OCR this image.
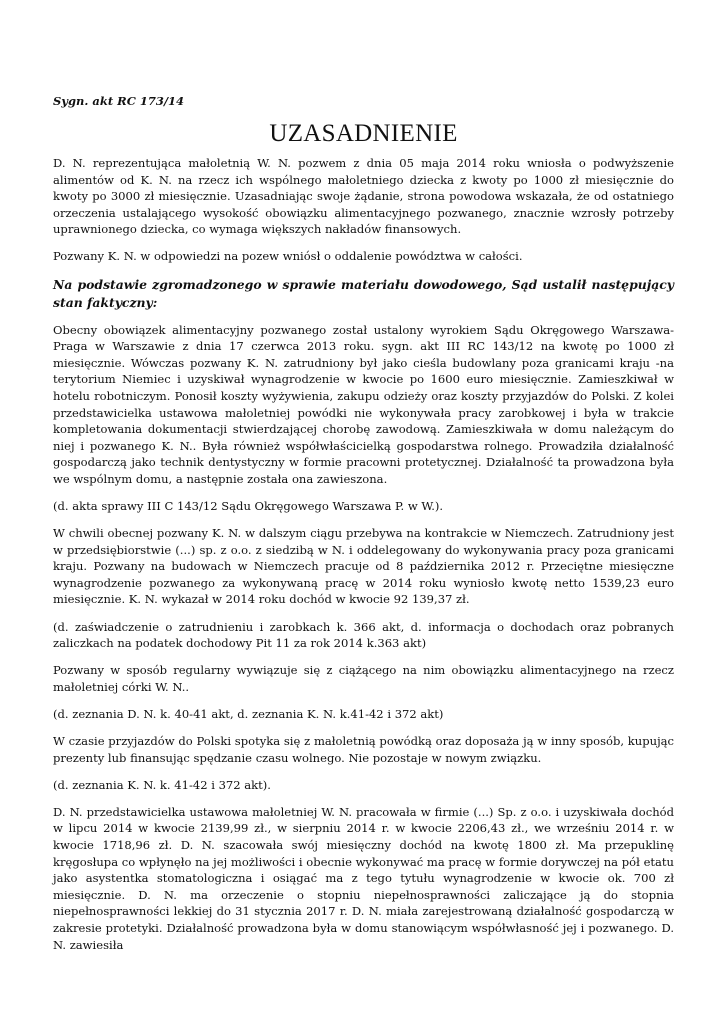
Sygn. akt RC 173/14
UZASADNIENIE

D. N. reprezentująca małoletnią W. N. pozwem z dnia 05 maja 2014 roku wniosła o podwyższenie alimentów od K. N. na rzecz ich wspólnego małoletniego dziecka z kwoty po 1000 zł miesięcznie do kwoty po 3000 zł miesięcznie. Uzasadniając swoje żądanie, strona powodowa wskazała, że od ostatniego orzeczenia ustalającego wysokość obowiązku alimentacyjnego pozwanego, znacznie wzrosły potrzeby uprawnionego dziecka, co wymaga większych nakładów finansowych.

Pozwany K. N. w odpowiedzi na pozew wniósł o oddalenie powództwa w całości.

Na podstawie zgromadzonego w sprawie materiału dowodowego, Sąd ustalił następujący stan faktyczny:

Obecny obowiązek alimentacyjny pozwanego został ustalony wyrokiem Sądu Okręgowego Warszawa-Praga w Warszawie z dnia 17 czerwca 2013 roku. sygn. akt III RC 143/12 na kwotę po 1000 zł miesięcznie. Wówczas pozwany K. N. zatrudniony był jako cieśla budowlany poza granicami kraju -na terytorium Niemiec i uzyskiwał wynagrodzenie w kwocie po 1600 euro miesięcznie. Zamieszkiwał w hotelu robotniczym. Ponosił koszty wyżywienia, zakupu odzieży oraz koszty przyjazdów do Polski. Z kolei przedstawicielka ustawowa małoletniej powódki nie wykonywała pracy zarobkowej i była w trakcie kompletowania dokumentacji stwierdzającej chorobę zawodową. Zamieszkiwała w domu należącym do niej i pozwanego K. N.. Była również współwłaścicielką gospodarstwa rolnego. Prowadziła działalność gospodarczą jako technik dentystyczny w formie pracowni protetycznej. Działalność ta prowadzona była we wspólnym domu, a następnie została ona zawieszona.

(d. akta sprawy III C 143/12 Sądu Okręgowego Warszawa P. w W.).

W chwili obecnej pozwany K. N. w dalszym ciągu przebywa na kontrakcie w Niemczech. Zatrudniony jest w przedsiębiorstwie (...) sp. z o.o. z siedzibą w N. i oddelegowany do wykonywania pracy poza granicami kraju. Pozwany na budowach w Niemczech pracuje od 8 października 2012 r. Przeciętne miesięczne wynagrodzenie pozwanego za wykonywaną pracę w 2014 roku wyniosło kwotę netto 1539,23 euro miesięcznie. K. N. wykazał w 2014 roku dochód w kwocie 92 139,37 zł.

(d. zaświadczenie o zatrudnieniu i zarobkach k. 366 akt, d. informacja o dochodach oraz pobranych zaliczkach na podatek dochodowy Pit 11 za rok 2014 k.363 akt)

Pozwany w sposób regularny wywiązuje się z ciążącego na nim obowiązku alimentacyjnego na rzecz małoletniej córki W. N..

(d. zeznania D. N. k. 40-41 akt, d. zeznania K. N. k.41-42 i 372 akt)

W czasie przyjazdów do Polski spotyka się z małoletnią powódką oraz doposaża ją w inny sposób, kupując prezenty lub finansując spędzanie czasu wolnego. Nie pozostaje w nowym związku.

(d. zeznania K. N. k. 41-42 i 372 akt).

D. N. przedstawicielka ustawowa małoletniej W. N. pracowała w firmie (...) Sp. z o.o. i uzyskiwała dochód w lipcu 2014 w kwocie 2139,99 zł., w sierpniu 2014 r. w kwocie 2206,43 zł., we wrześniu 2014 r. w kwocie 1718,96 zł. D. N. szacowała swój miesięczny dochód na kwotę 1800 zł. Ma przepuklinę kręgosłupa co wpłynęło na jej możliwości i obecnie wykonywać ma pracę w formie dorywczej na pół etatu jako asystentka stomatologiczna i osiągać ma z tego tytułu wynagrodzenie w kwocie ok. 700 zł miesięcznie. D. N. ma orzeczenie o stopniu niepełnosprawności zaliczające ją do stopnia niepełnosprawności lekkiej do 31 stycznia 2017 r. D. N. miała zarejestrowaną działalność gospodarczą w zakresie protetyki. Działalność prowadzona była w domu stanowiącym współwłasność jej i pozwanego. D. N. zawiesiła
